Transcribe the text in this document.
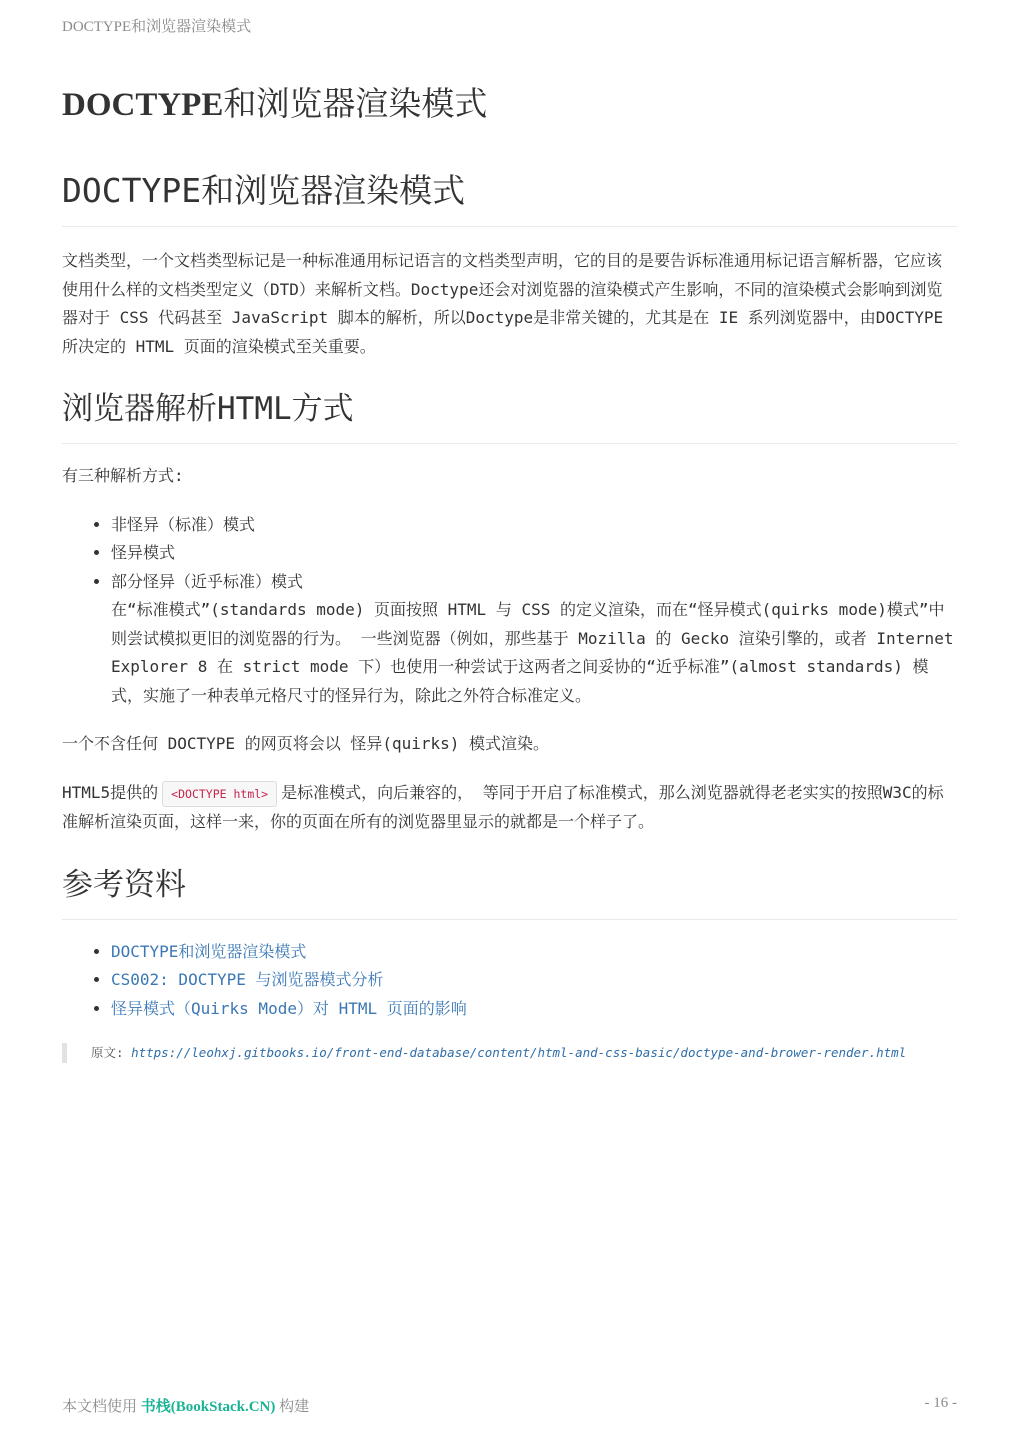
DOCTYPE和浏览器渲染模式
DOCTYPE和浏览器渲染模式
DOCTYPE和浏览器渲染模式

文档类型，一个文档类型标记是一种标准通用标记语言的文档类型声明，它的目的是要告诉标准通用标记语言解析器，它应该使用什么样的文档类型定义（DTD）来解析文档。Doctype还会对浏览器的渲染模式产生影响，不同的渲染模式会影响到浏览器对于 CSS 代码甚至 JavaScript 脚本的解析，所以Doctype是非常关键的，尤其是在 IE 系列浏览器中，由DOCTYPE 所决定的 HTML 页面的渲染模式至关重要。

浏览器解析HTML方式

有三种解析方式:

• 非怪异（标准）模式
• 怪异模式
• 部分怪异（近乎标准）模式
在“标准模式”(standards mode) 页面按照 HTML 与 CSS 的定义渲染，而在“怪异模式(quirks mode)模式”中则尝试模拟更旧的浏览器的行为。 一些浏览器（例如，那些基于 Mozilla 的 Gecko 渲染引擎的，或者 Internet Explorer 8 在 strict mode 下）也使用一种尝试于这两者之间妥协的“近乎标准”(almost standards) 模式，实施了一种表单元格尺寸的怪异行为，除此之外符合标准定义。

一个不含任何 DOCTYPE 的网页将会以 怪异(quirks) 模式渲染。

HTML5提供的 <DOCTYPE html> 是标准模式，向后兼容的， 等同于开启了标准模式，那么浏览器就得老老实实的按照W3C的标准解析渲染页面，这样一来，你的页面在所有的浏览器里显示的就都是一个样子了。

参考资料
• DOCTYPE和浏览器渲染模式
• CS002: DOCTYPE 与浏览器模式分析
• 怪异模式（Quirks Mode）对 HTML 页面的影响
原文: https://leohxj.gitbooks.io/front-end-database/content/html-and-css-basic/doctype-and-brower-render.html
本文档使用 书栈(BookStack.CN) 构建	- 16 -
